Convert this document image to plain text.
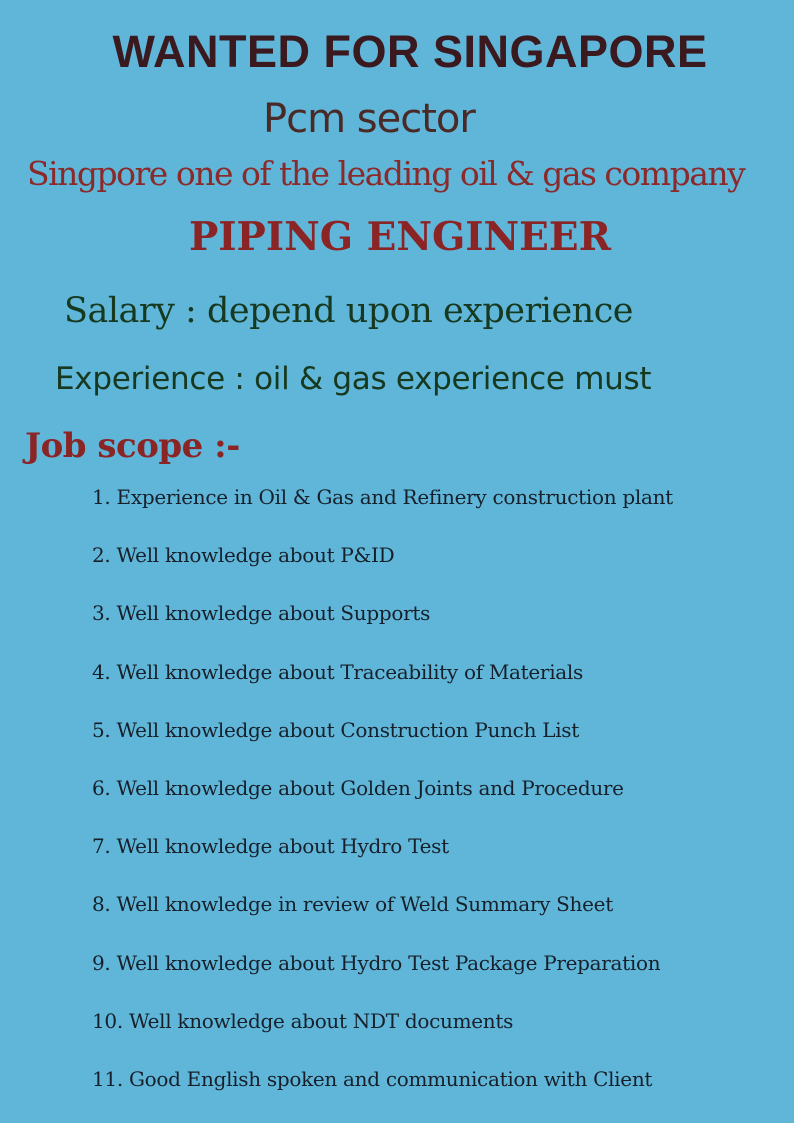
WANTED FOR SINGAPORE
Pcm sector
Singpore one of the leading oil & gas company
PIPING ENGINEER
Salary : depend upon experience
Experience : oil & gas experience must
Job scope :-
1. Experience in Oil & Gas and Refinery construction plant
2. Well knowledge about P&ID
3. Well knowledge about Supports
4. Well knowledge about Traceability of Materials
5. Well knowledge about Construction Punch List
6. Well knowledge about Golden Joints and Procedure
7. Well knowledge about Hydro Test
8. Well knowledge in review of Weld Summary Sheet
9. Well knowledge about Hydro Test Package Preparation
10. Well knowledge about NDT documents
11. Good English spoken and communication with Client
